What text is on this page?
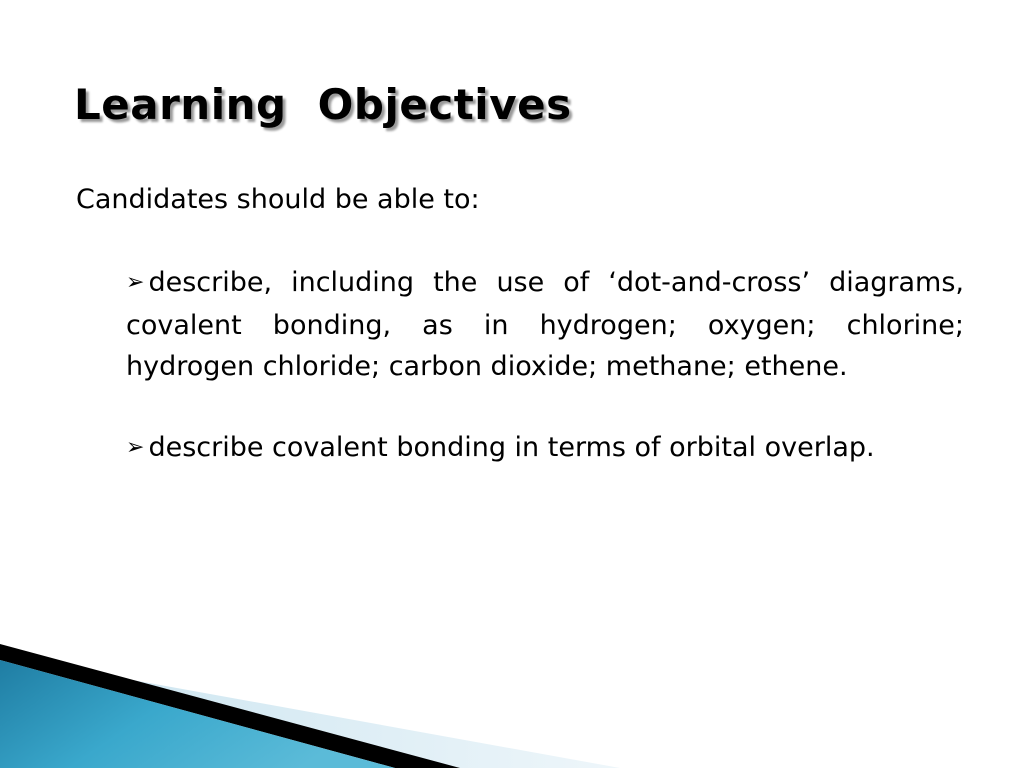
Learning Objectives

Candidates should be able to:

➢ describe, including the use of ‘dot-and-cross’ diagrams, covalent bonding, as in hydrogen; oxygen; chlorine; hydrogen chloride; carbon dioxide; methane; ethene.
➢ describe covalent bonding in terms of orbital overlap.
